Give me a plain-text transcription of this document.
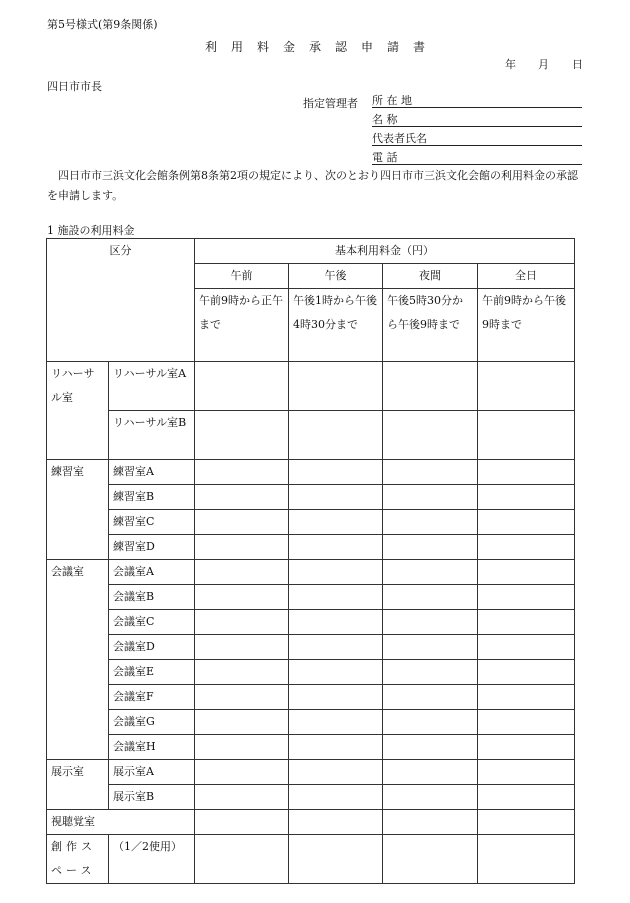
第5号様式(第9条関係)
利用料金承認申請書
年 月 日
四日市市長
指定管理者 所 在 地
名 称
代表者氏名
電 話
四日市市三浜文化会館条例第8条第2項の規定により、次のとおり四日市市三浜文化会館の利用料金の承認を申請します。
1 施設の利用料金
区分		基本利用料金（円）			
		午前	午後	夜間	全日
		午前9時から正午まで	午後1時から午後4時30分まで	午後5時30分から午後9時まで	午前9時から午後9時まで
リハーサル室	リハーサル室A				
	リハーサル室B				
練習室	練習室A				
	練習室B				
	練習室C				
	練習室D				
会議室	会議室A				
	会議室B				
	会議室C				
	会議室D				
	会議室E				
	会議室F				
	会議室G				
	会議室H				
展示室	展示室A				
	展示室B				
視聴覚室					
創作スペース	（1／2使用）				
